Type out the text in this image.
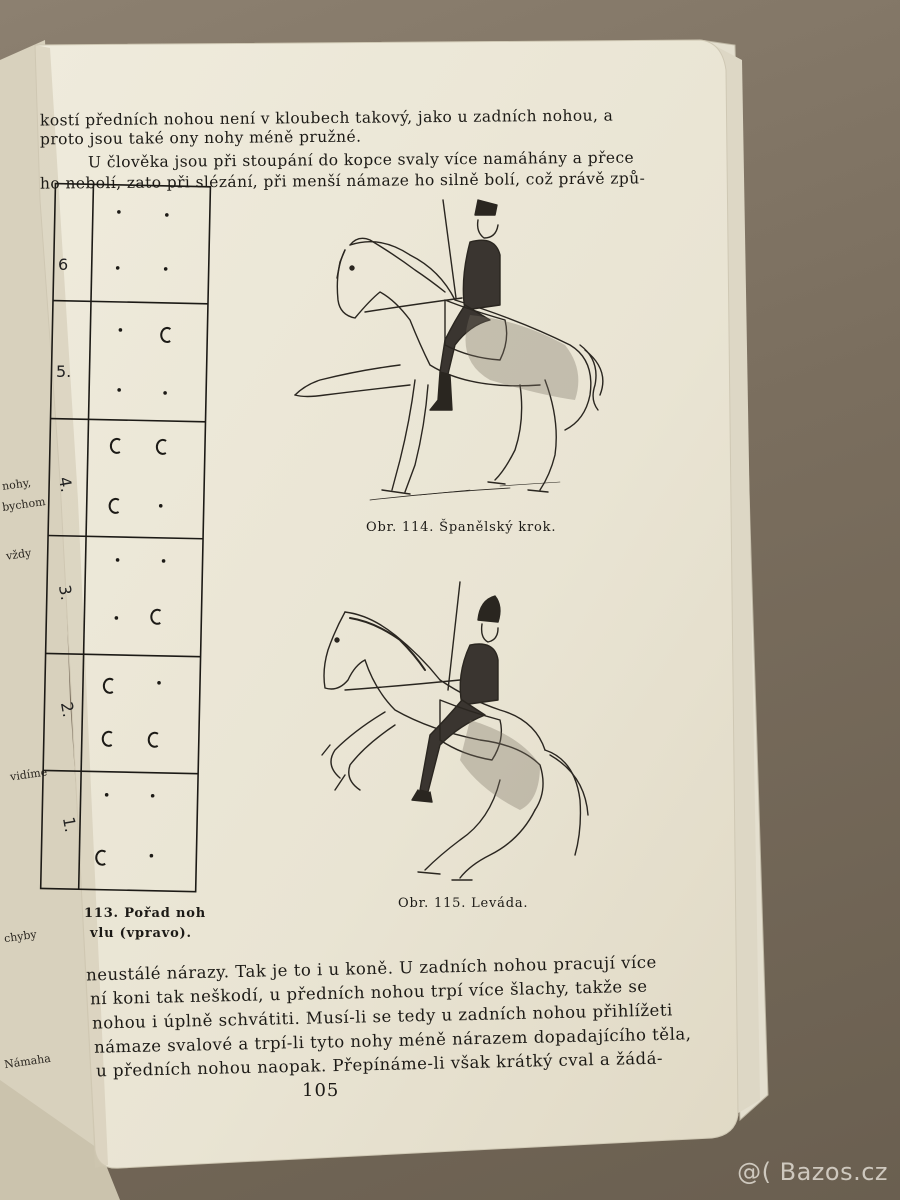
nohy,
bychom
vždy
vidíme
chyby
Námaha
kostí předních nohou není v kloubech takový, jako u zadních nohou, a
proto jsou také ony nohy méně pružné.
U člověka jsou při stoupání do kopce svaly více namáhány a přece
ho nebolí, zato při slézání, při menší námaze ho silně bolí, což právě způ-
6
5.
4.
3.
2.
1.
113. Pořad noh
vlu (vpravo).
Obr. 114. Španělský krok.
Obr. 115. Leváda.
neustálé nárazy. Tak je to i u koně. U zadních nohou pracují více
ní koni tak neškodí, u předních nohou trpí více šlachy, takže se
nohou i úplně schvátiti. Musí-li se tedy u zadních nohou přihlížeti
námaze svalové a trpí-li tyto nohy méně nárazem dopadajícího těla,
u předních nohou naopak. Přepínáme-li však krátký cval a žádá-
105
@( Bazos.cz
